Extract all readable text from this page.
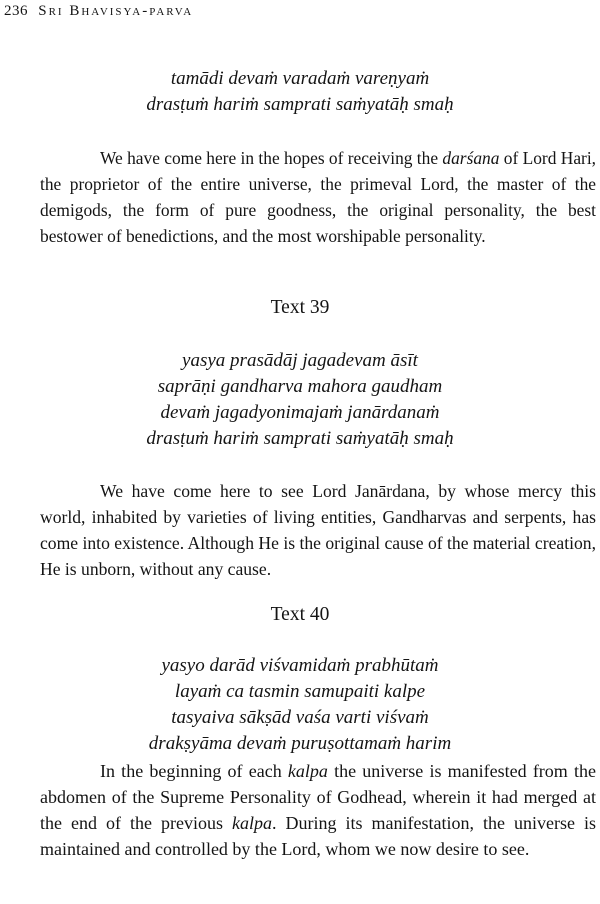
236 Sri Bhavisya-parva
tamādi devaṁ varadaṁ vareṇyaṁ
drasṭuṁ hariṁ samprati saṁyatāḥ smaḥ

We have come here in the hopes of receiving the darśana of Lord Hari, the proprietor of the entire universe, the primeval Lord, the master of the demigods, the form of pure goodness, the original personality, the best bestower of benedictions, and the most worshipable personality.

Text 39
yasya prasādāj jagadevam āsīt
saprāṇi gandharva mahora gaudham
devaṁ jagadyonimajaṁ janārdanaṁ
drasṭuṁ hariṁ samprati saṁyatāḥ smaḥ

We have come here to see Lord Janārdana, by whose mercy this world, inhabited by varieties of living entities, Gandharvas and serpents, has come into existence. Although He is the original cause of the material creation, He is unborn, without any cause.

Text 40
yasyo darād viśvamidaṁ prabhūtaṁ
layaṁ ca tasmin samupaiti kalpe
tasyaiva sākṣād vaśa varti viśvaṁ
drakṣyāma devaṁ puruṣottamaṁ harim

In the beginning of each kalpa the universe is manifested from the abdomen of the Supreme Personality of Godhead, wherein it had merged at the end of the previous kalpa. During its manifestation, the universe is maintained and controlled by the Lord, whom we now desire to see.
